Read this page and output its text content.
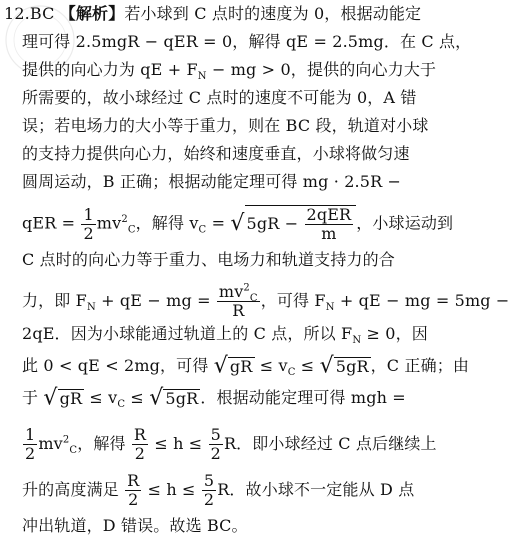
12.BC 【解析】若小球到 C 点时的速度为 0，根据动能定
理可得 2.5mgR − qER = 0，解得 qE = 2.5mg．在 C 点，
提供的向心力为 qE + $F_N$ − mg > 0，提供的向心力大于
所需要的，故小球经过 C 点时的速度不可能为 0，A 错
误；若电场力的大小等于重力，则在 BC 段，轨道对小球
的支持力提供向心力，始终和速度垂直，小球将做匀速
圆周运动，B 正确；根据动能定理可得 mg · 2.5R −
qER = $\frac{1}{2} mv^2_C$，解得 $v_C$ = √ $5gR - \frac{\text{2qER}}{m}$ ，小球运动到
C 点时的向心力等于重力、电场力和轨道支持力的合
力，即 $F_N$ + qE − mg = $\frac{mv^2_C}{R}$ ，可得 $F_N$ + qE − mg = 5mg −
2qE．因为小球能通过轨道上的 C 点，所以 $F_N \ge 0$，因
此 0 < qE < 2mg，可得 √ gR ≤ $v_C$ ≤ √ 5gR ，C 正确；由
于 √ gR ≤ $v_C$ ≤ √ 5gR ．根据动能定理可得 mgh =
$\frac{1}{2} mv^2_C$，解得 $\frac{R}{2} \le h \le \frac{5}{2}$ R．即小球经过 C 点后继续上
升的高度满足 $\frac{R}{2} \le h \le \frac{5}{2}$ R．故小球不一定能从 D 点
冲出轨道，D 错误。故选 BC。
